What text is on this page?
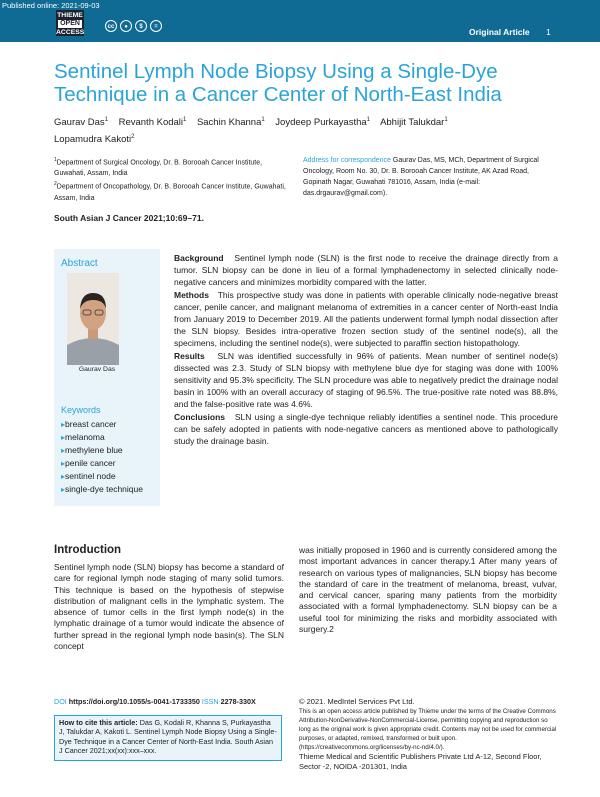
Published online: 2021-09-03
THIEME
OPEN
ACCESS
cc	●	$	=	Original Article 1
Sentinel Lymph Node Biopsy Using a Single-Dye Technique in a Cancer Center of North-East India
Gaurav Das$^1$ Revanth Kodali$^1$ Sachin Khanna$^1$ Joydeep Purkayastha$^1$ Abhijit Talukdar$^1$
Lopamudra Kakoti$^2$
$^1$Department of Surgical Oncology, Dr. B. Borooah Cancer Institute, Guwahati, Assam, India
$^2$Department of Oncopathology, Dr. B. Borooah Cancer Institute, Guwahati, Assam, India
Address for correspondence Gaurav Das, MS, MCh, Department of Surgical Oncology, Room No. 30, Dr. B. Borooah Cancer Institute, AK Azad Road, Gopinath Nagar, Guwahati 781016, Assam, India (e-mail: das.drgaurav@gmail.com).
South Asian J Cancer 2021;10:69–71.
Abstract
Gaurav Das
Keywords
▸ breast cancer
▸ melanoma
▸ methylene blue
▸ penile cancer
▸ sentinel node
▸ single-dye technique

Background Sentinel lymph node (SLN) is the first node to receive the drainage directly from a tumor. SLN biopsy can be done in lieu of a formal lymphadenectomy in selected clinically node-negative cancers and minimizes morbidity compared with the latter.

Methods This prospective study was done in patients with operable clinically node-negative breast cancer, penile cancer, and malignant melanoma of extremities in a cancer center of North-east India from January 2019 to December 2019. All the patients underwent formal lymph nodal dissection after the SLN biopsy. Besides intra-operative frozen section study of the sentinel node(s), all the specimens, including the sentinel node(s), were subjected to paraffin section histopathology.

Results SLN was identified successfully in 96% of patients. Mean number of sentinel node(s) dissected was 2.3. Study of SLN biopsy with methylene blue dye for staging was done with 100% sensitivity and 95.3% specificity. The SLN procedure was able to negatively predict the drainage nodal basin in 100% with an overall accuracy of staging of 96.5%. The true-positive rate noted was 88.8%, and the false-positive rate was 4.6%.

Conclusions SLN using a single-dye technique reliably identifies a sentinel node. This procedure can be safely adopted in patients with node-negative cancers as mentioned above to pathologically study the drainage basin.

Introduction

Sentinel lymph node (SLN) biopsy has become a standard of care for regional lymph node staging of many solid tumors. This technique is based on the hypothesis of stepwise distribution of malignant cells in the lymphatic system. The absence of tumor cells in the first lymph node(s) in the lymphatic drainage of a tumor would indicate the absence of further spread in the regional lymph node basin(s). The SLN concept

was initially proposed in 1960 and is currently considered among the most important advances in cancer therapy.1 After many years of research on various types of malignancies, SLN biopsy has become the standard of care in the treatment of melanoma, breast, vulvar, and cervical cancer, sparing many patients from the morbidity associated with a formal lymphadenectomy. SLN biopsy can be a useful tool for minimizing the risks and morbidity associated with surgery.2

DOI https://doi.org/10.1055/s-0041-1733350 ISSN 2278-330X
How to cite this article: Das G, Kodali R, Khanna S, Purkayastha J, Talukdar A, Kakoti L. Sentinel Lymph Node Biopsy Using a Single-Dye Technique in a Cancer Center of North-East India. South Asian J Cancer 2021;xx(xx):xxx–xxx.
© 2021. MedIntel Services Pvt Ltd.
This is an open access article published by Thieme under the terms of the Creative Commons Attribution-NonDerivative-NonCommercial-License, permitting copying and reproduction so long as the original work is given appropriate credit. Contents may not be used for commercial purposes, or adapted, remixed, transformed or built upon. (https://creativecommons.org/licenses/by-nc-nd/4.0/).
Thieme Medical and Scientific Publishers Private Ltd A-12, Second Floor, Sector -2, NOIDA -201301, India
